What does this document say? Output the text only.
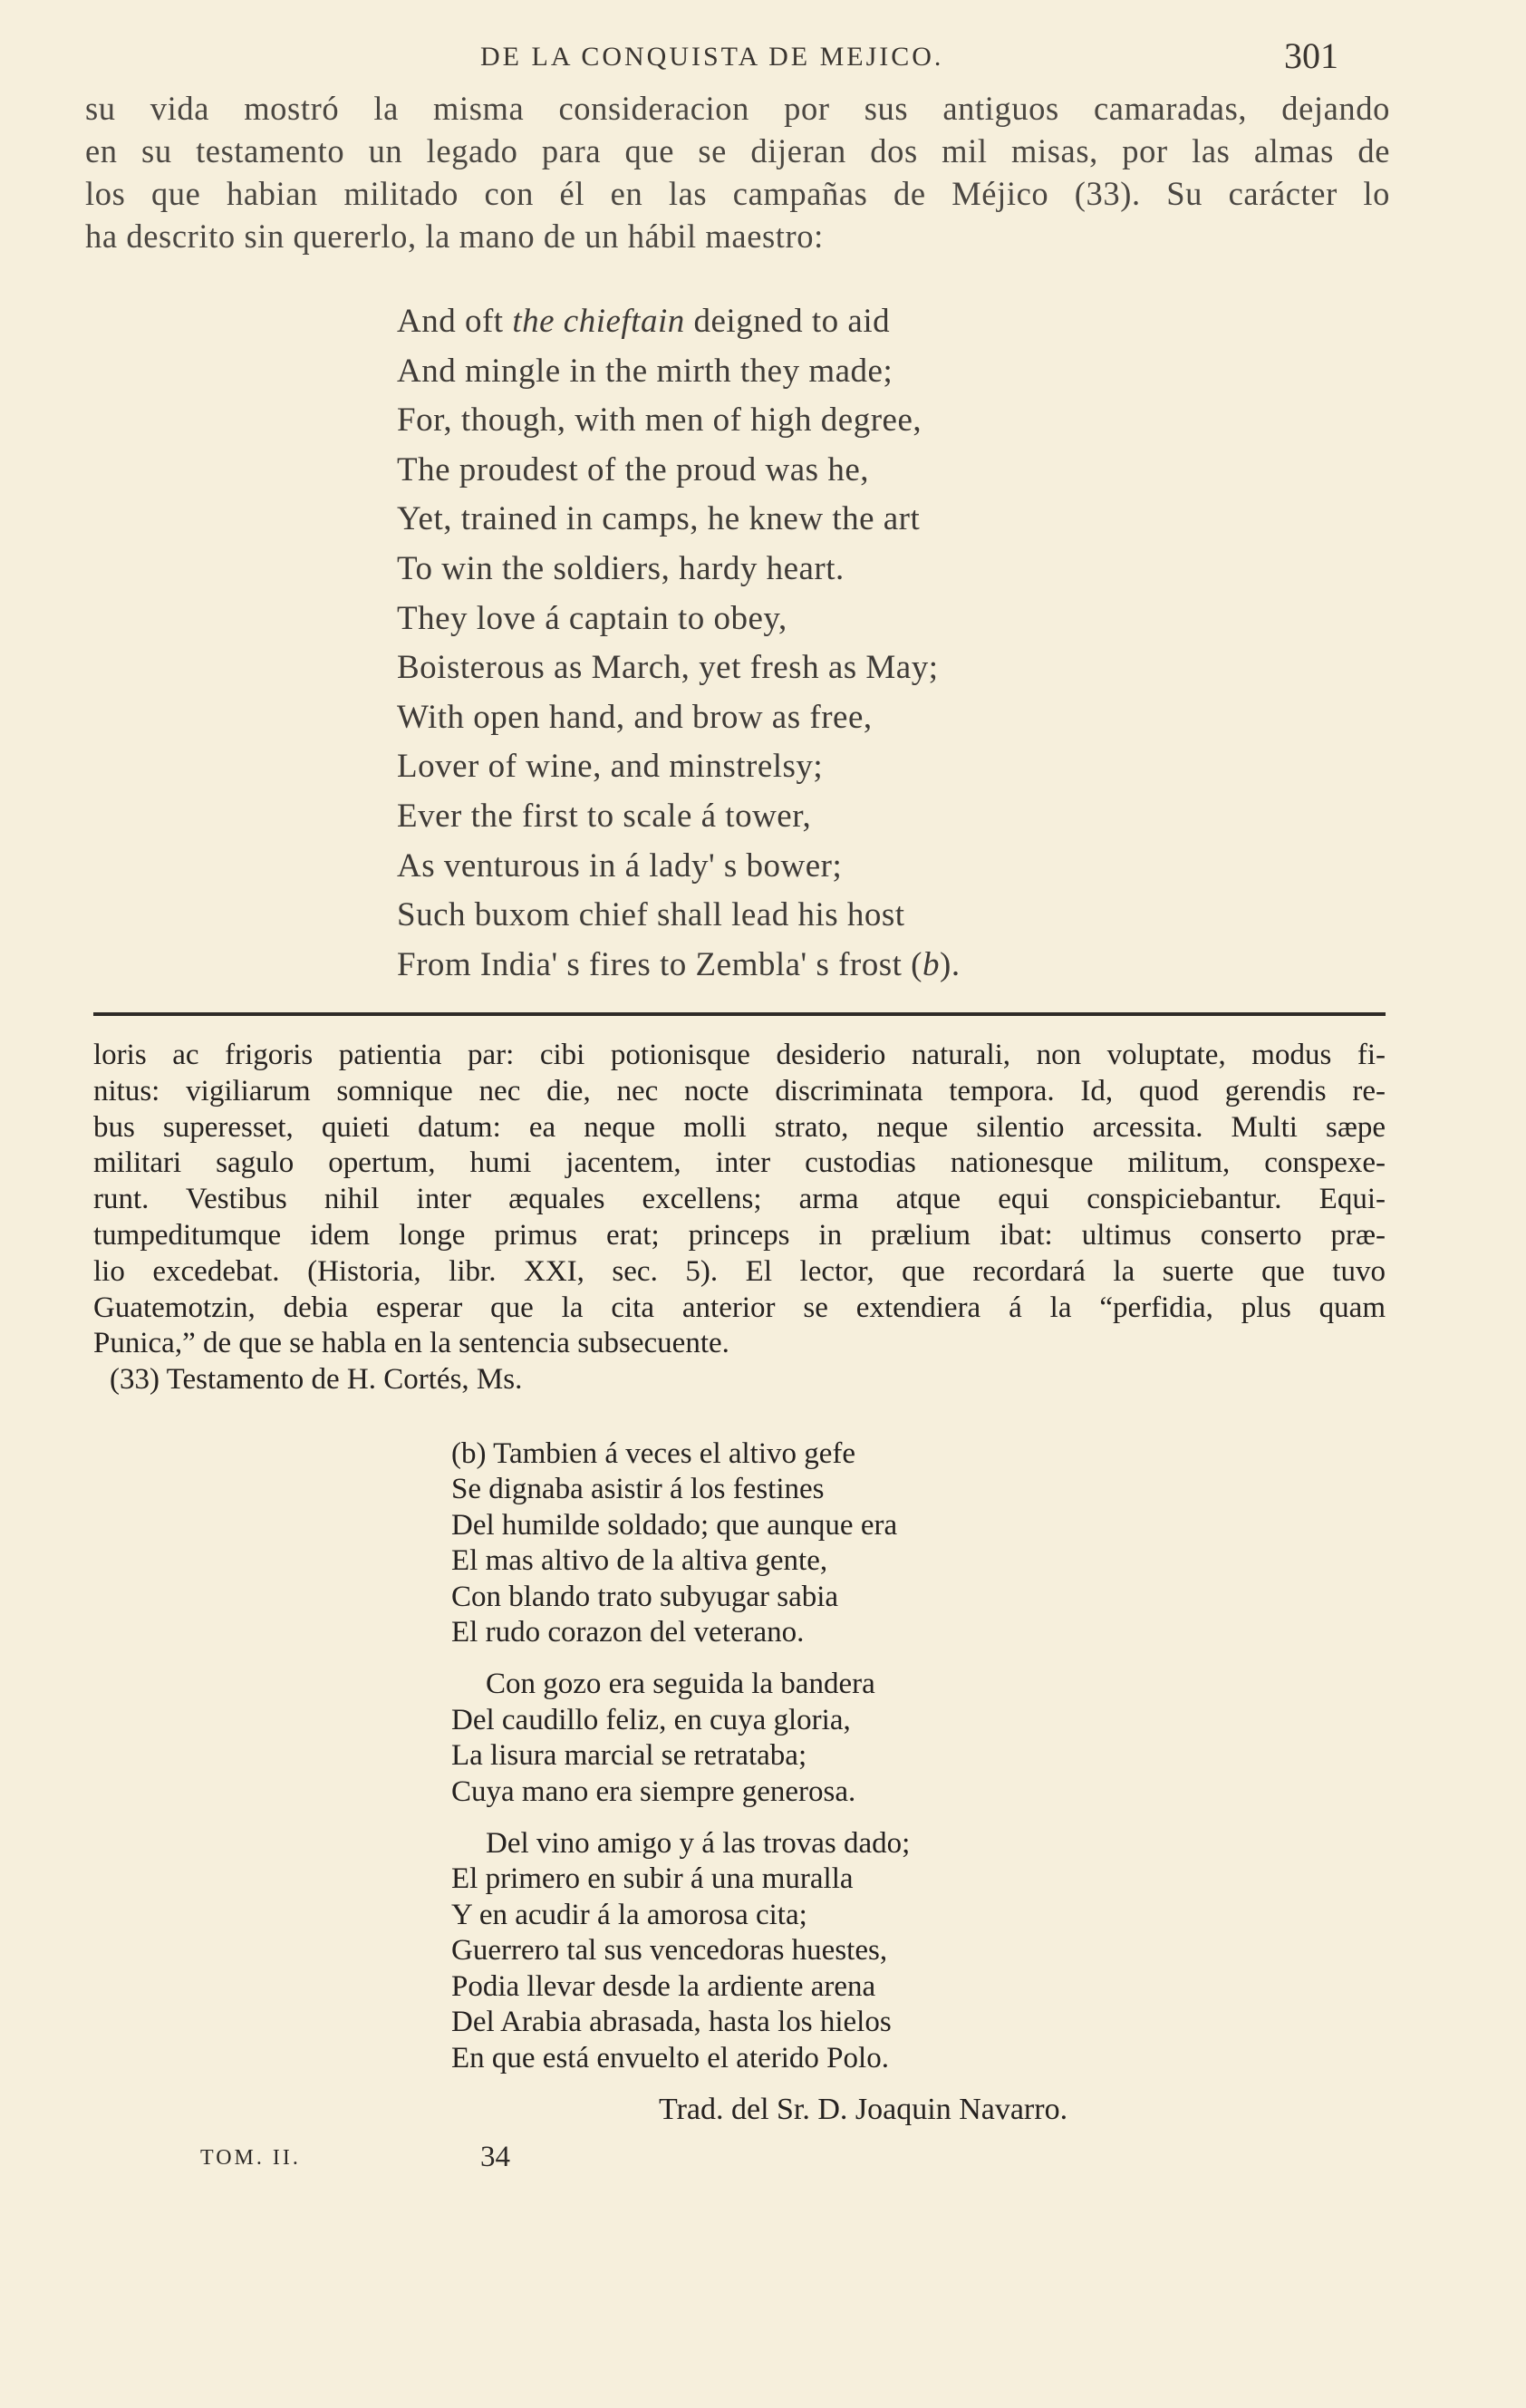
DE LA CONQUISTA DE MEJICO.	301
su vida mostró la misma consideracion por sus antiguos camaradas, dejando
en su testamento un legado para que se dijeran dos mil misas, por las almas de
los que habian militado con él en las campañas de Méjico (33). Su carácter lo
ha descrito sin quererlo, la mano de un hábil maestro:
And oft the chieftain deigned to aid
And mingle in the mirth they made;
For, though, with men of high degree,
The proudest of the proud was he,
Yet, trained in camps, he knew the art
To win the soldiers, hardy heart.
They love á captain to obey,
Boisterous as March, yet fresh as May;
With open hand, and brow as free,
Lover of wine, and minstrelsy;
Ever the first to scale á tower,
As venturous in á lady' s bower;
Such buxom chief shall lead his host
From India' s fires to Zembla' s frost (b).
loris ac frigoris patientia par: cibi potionisque desiderio naturali, non voluptate, modus fi-
nitus: vigiliarum somnique nec die, nec nocte discriminata tempora. Id, quod gerendis re-
bus superesset, quieti datum: ea neque molli strato, neque silentio arcessita. Multi sæpe
militari sagulo opertum, humi jacentem, inter custodias nationesque militum, conspexe-
runt. Vestibus nihil inter æquales excellens; arma atque equi conspiciebantur. Equi-
tumpeditumque idem longe primus erat; princeps in prælium ibat: ultimus conserto præ-
lio excedebat. (Historia, libr. XXI, sec. 5). El lector, que recordará la suerte que tuvo
Guatemotzin, debia esperar que la cita anterior se extendiera á la “perfidia, plus quam
Punica,” de que se habla en la sentencia subsecuente.
(33) Testamento de H. Cortés, Ms.
(b) Tambien á veces el altivo gefe
Se dignaba asistir á los festines
Del humilde soldado; que aunque era
El mas altivo de la altiva gente,
Con blando trato subyugar sabia
El rudo corazon del veterano.
Con gozo era seguida la bandera
Del caudillo feliz, en cuya gloria,
La lisura marcial se retrataba;
Cuya mano era siempre generosa.
Del vino amigo y á las trovas dado;
El primero en subir á una muralla
Y en acudir á la amorosa cita;
Guerrero tal sus vencedoras huestes,
Podia llevar desde la ardiente arena
Del Arabia abrasada, hasta los hielos
En que está envuelto el aterido Polo.
Trad. del Sr. D. Joaquin Navarro.
TOM. II.	34
